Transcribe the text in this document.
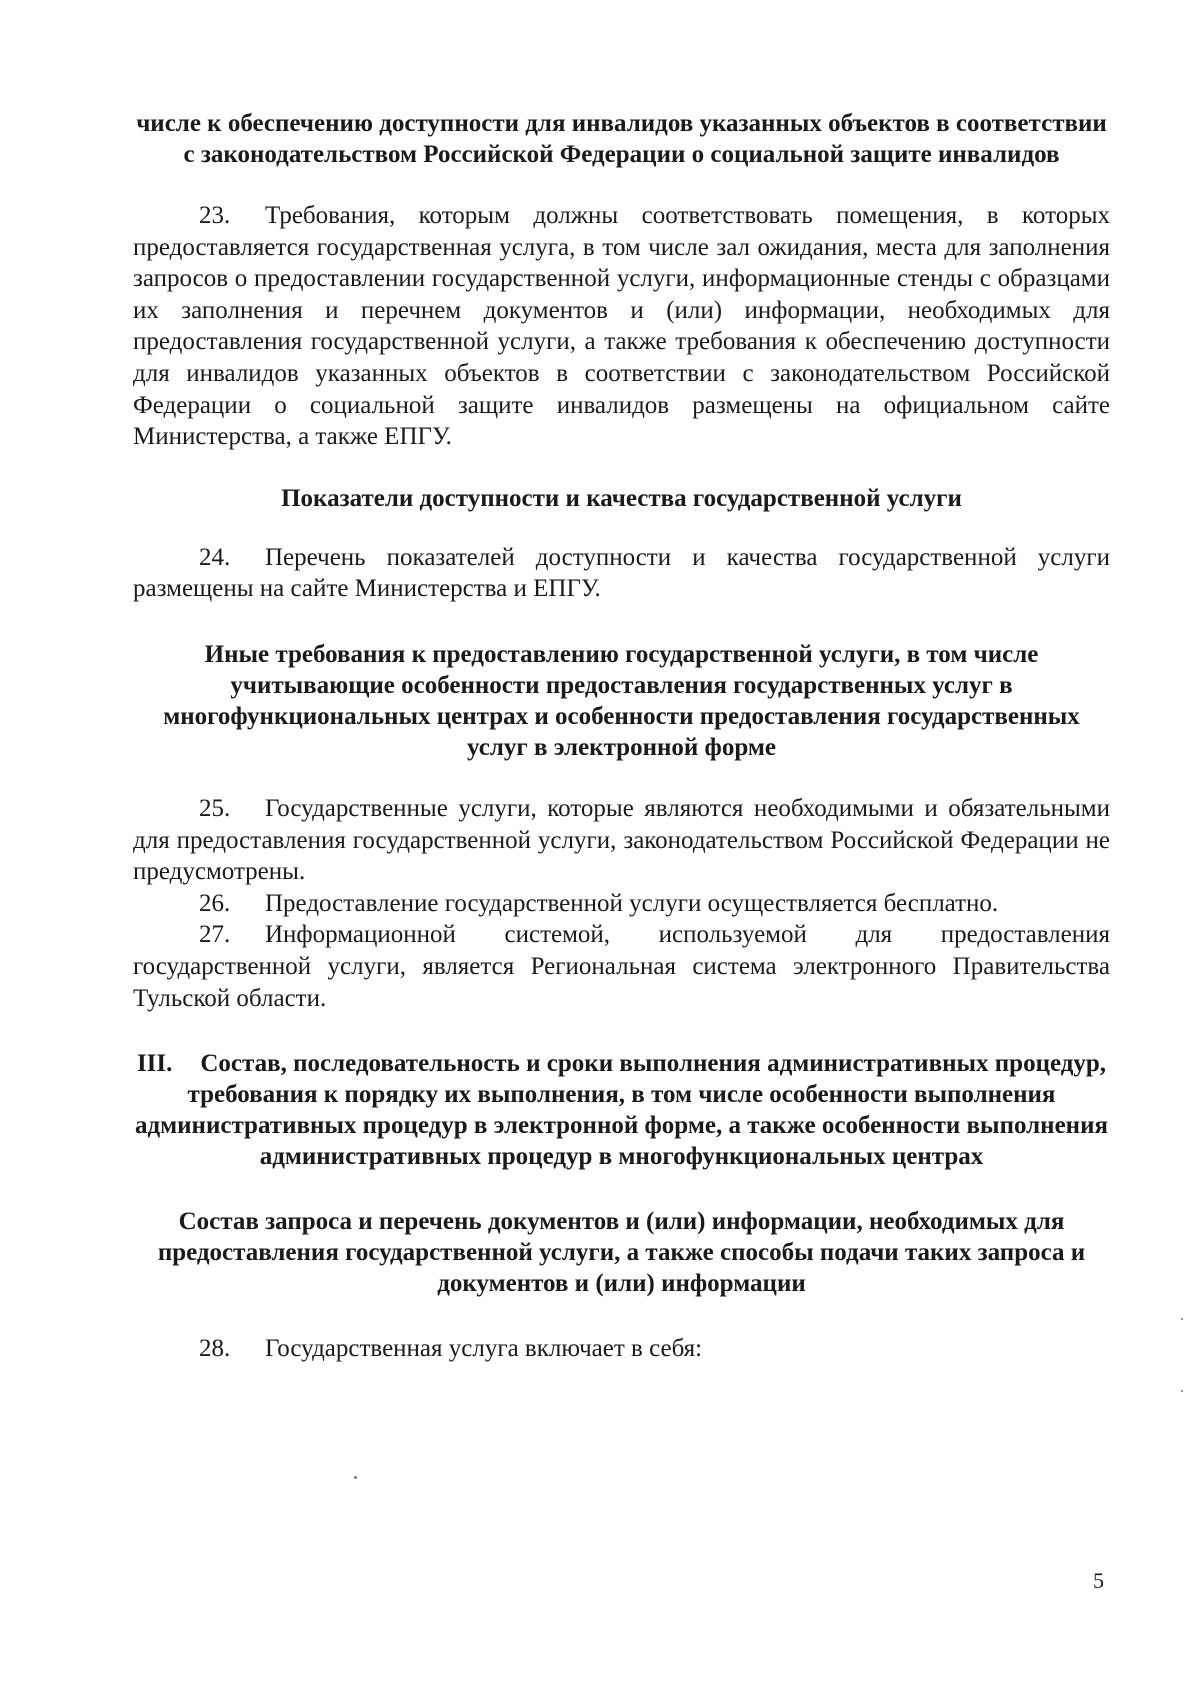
числе к обеспечению доступности для инвалидов указанных объектов в соответствии с законодательством Российской Федерации о социальной защите инвалидов

23. Требования, которым должны соответствовать помещения, в которых предоставляется государственная услуга, в том числе зал ожидания, места для заполнения запросов о предоставлении государственной услуги, информационные стенды с образцами их заполнения и перечнем документов и (или) информации, необходимых для предоставления государственной услуги, а также требования к обеспечению доступности для инвалидов указанных объектов в соответствии с законодательством Российской Федерации о социальной защите инвалидов размещены на официальном сайте Министерства, а также ЕПГУ.

Показатели доступности и качества государственной услуги

24. Перечень показателей доступности и качества государственной услуги размещены на сайте Министерства и ЕПГУ.

Иные требования к предоставлению государственной услуги, в том числе учитывающие особенности предоставления государственных услуг в многофункциональных центрах и особенности предоставления государственных услуг в электронной форме

25. Государственные услуги, которые являются необходимыми и обязательными для предоставления государственной услуги, законодательством Российской Федерации не предусмотрены.

26. Предоставление государственной услуги осуществляется бесплатно.

27. Информационной системой, используемой для предоставления государственной услуги, является Региональная система электронного Правительства Тульской области.

III. Состав, последовательность и сроки выполнения административных процедур, требования к порядку их выполнения, в том числе особенности выполнения административных процедур в электронной форме, а также особенности выполнения административных процедур в многофункциональных центрах

Состав запроса и перечень документов и (или) информации, необходимых для предоставления государственной услуги, а также способы подачи таких запроса и документов и (или) информации

28. Государственная услуга включает в себя:

5
